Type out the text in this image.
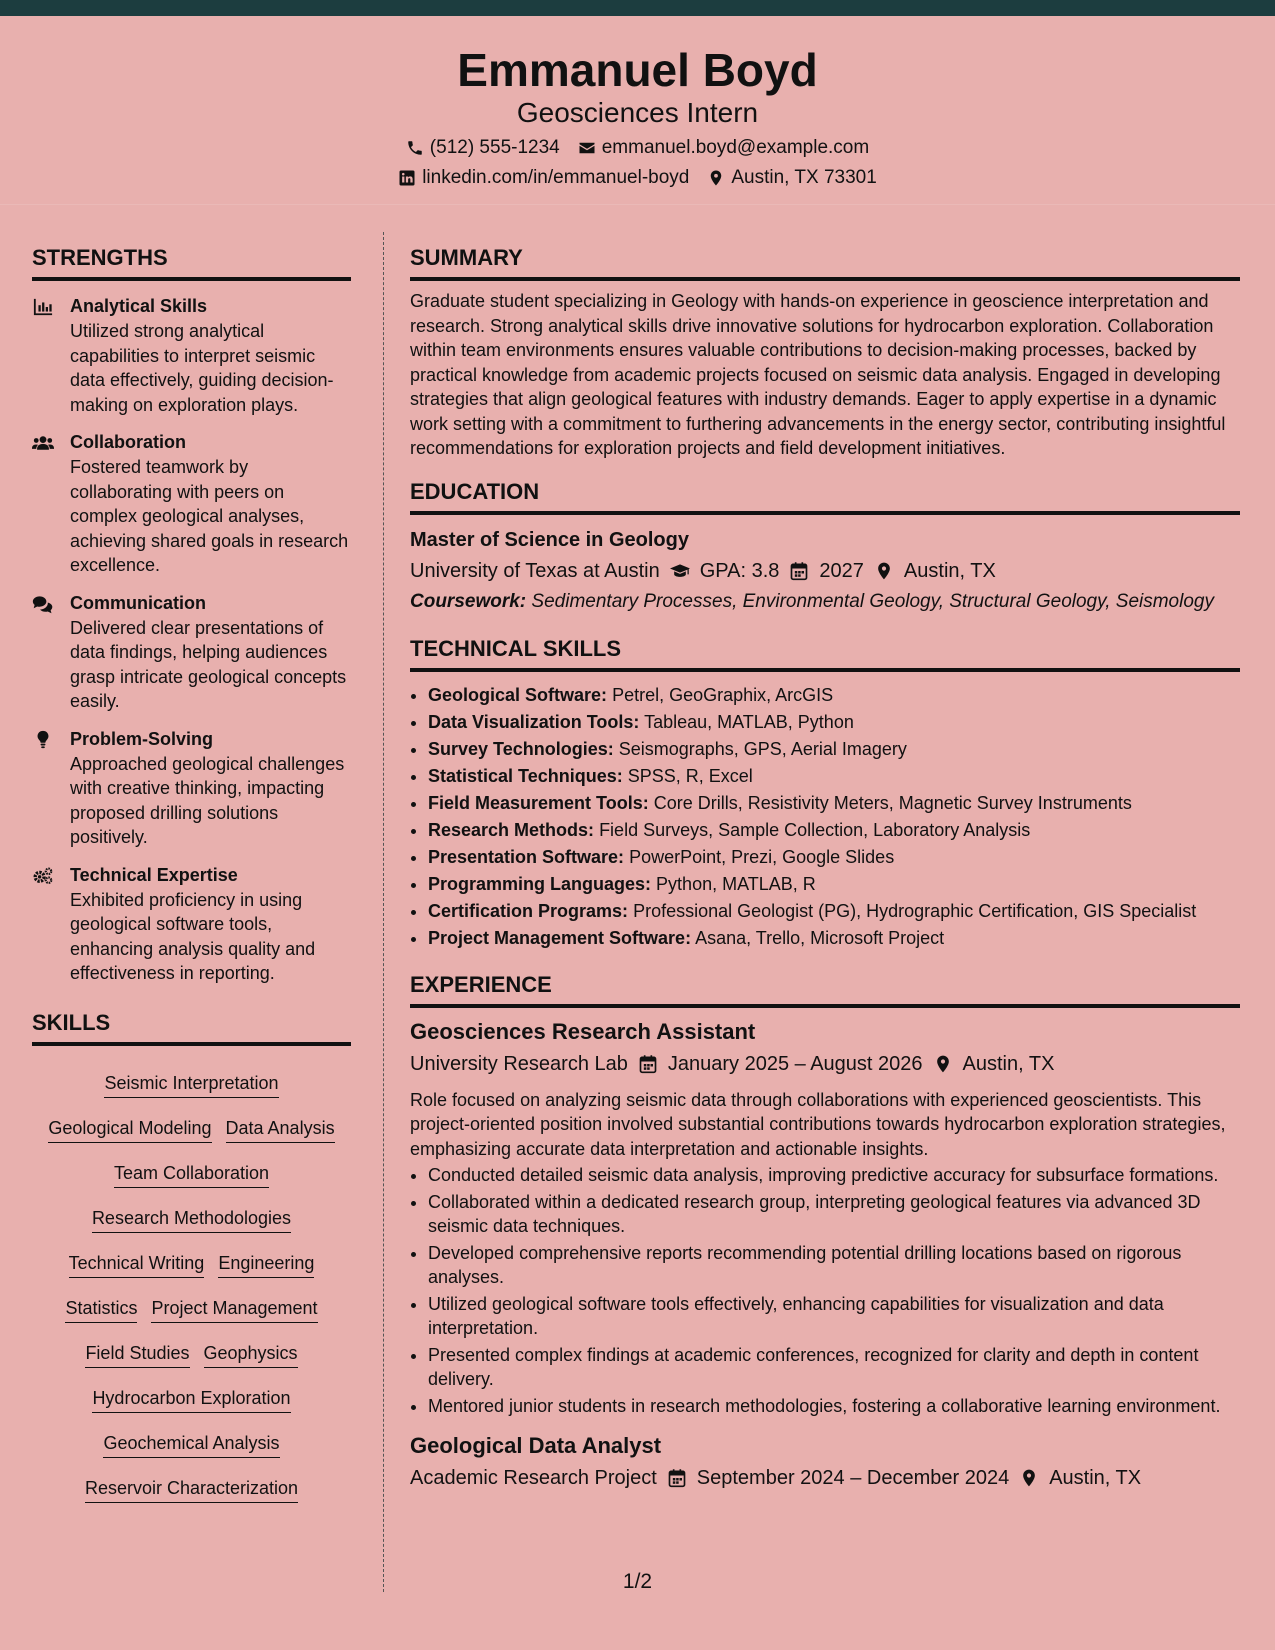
Emmanuel Boyd
Geosciences Intern
(512) 555-1234 emmanuel.boyd@example.com
linkedin.com/in/emmanuel-boyd Austin, TX 73301
STRENGTHS
Analytical Skills
Utilized strong analytical capabilities to interpret seismic data effectively, guiding decision-making on exploration plays.
Collaboration
Fostered teamwork by collaborating with peers on complex geological analyses, achieving shared goals in research excellence.
Communication
Delivered clear presentations of data findings, helping audiences grasp intricate geological concepts easily.
Problem-Solving
Approached geological challenges with creative thinking, impacting proposed drilling solutions positively.
Technical Expertise
Exhibited proficiency in using geological software tools, enhancing analysis quality and effectiveness in reporting.
SKILLS
Seismic Interpretation
Geological Modeling Data Analysis
Team Collaboration
Research Methodologies
Technical Writing Engineering
Statistics Project Management
Field Studies Geophysics
Hydrocarbon Exploration
Geochemical Analysis
Reservoir Characterization
SUMMARY
Graduate student specializing in Geology with hands-on experience in geoscience interpretation and research. Strong analytical skills drive innovative solutions for hydrocarbon exploration. Collaboration within team environments ensures valuable contributions to decision-making processes, backed by practical knowledge from academic projects focused on seismic data analysis. Engaged in developing strategies that align geological features with industry demands. Eager to apply expertise in a dynamic work setting with a commitment to furthering advancements in the energy sector, contributing insightful recommendations for exploration projects and field development initiatives.
EDUCATION
Master of Science in Geology
University of Texas at Austin GPA: 3.8 2027 Austin, TX
Coursework: Sedimentary Processes, Environmental Geology, Structural Geology, Seismology
TECHNICAL SKILLS
• Geological Software: Petrel, GeoGraphix, ArcGIS
• Data Visualization Tools: Tableau, MATLAB, Python
• Survey Technologies: Seismographs, GPS, Aerial Imagery
• Statistical Techniques: SPSS, R, Excel
• Field Measurement Tools: Core Drills, Resistivity Meters, Magnetic Survey Instruments
• Research Methods: Field Surveys, Sample Collection, Laboratory Analysis
• Presentation Software: PowerPoint, Prezi, Google Slides
• Programming Languages: Python, MATLAB, R
• Certification Programs: Professional Geologist (PG), Hydrographic Certification, GIS Specialist
• Project Management Software: Asana, Trello, Microsoft Project
EXPERIENCE
Geosciences Research Assistant
University Research Lab January 2025 – August 2026 Austin, TX
Role focused on analyzing seismic data through collaborations with experienced geoscientists. This project-oriented position involved substantial contributions towards hydrocarbon exploration strategies, emphasizing accurate data interpretation and actionable insights.
• Conducted detailed seismic data analysis, improving predictive accuracy for subsurface formations.
• Collaborated within a dedicated research group, interpreting geological features via advanced 3D seismic data techniques.
• Developed comprehensive reports recommending potential drilling locations based on rigorous analyses.
• Utilized geological software tools effectively, enhancing capabilities for visualization and data interpretation.
• Presented complex findings at academic conferences, recognized for clarity and depth in content delivery.
• Mentored junior students in research methodologies, fostering a collaborative learning environment.
Geological Data Analyst
Academic Research Project September 2024 – December 2024 Austin, TX
1/2
